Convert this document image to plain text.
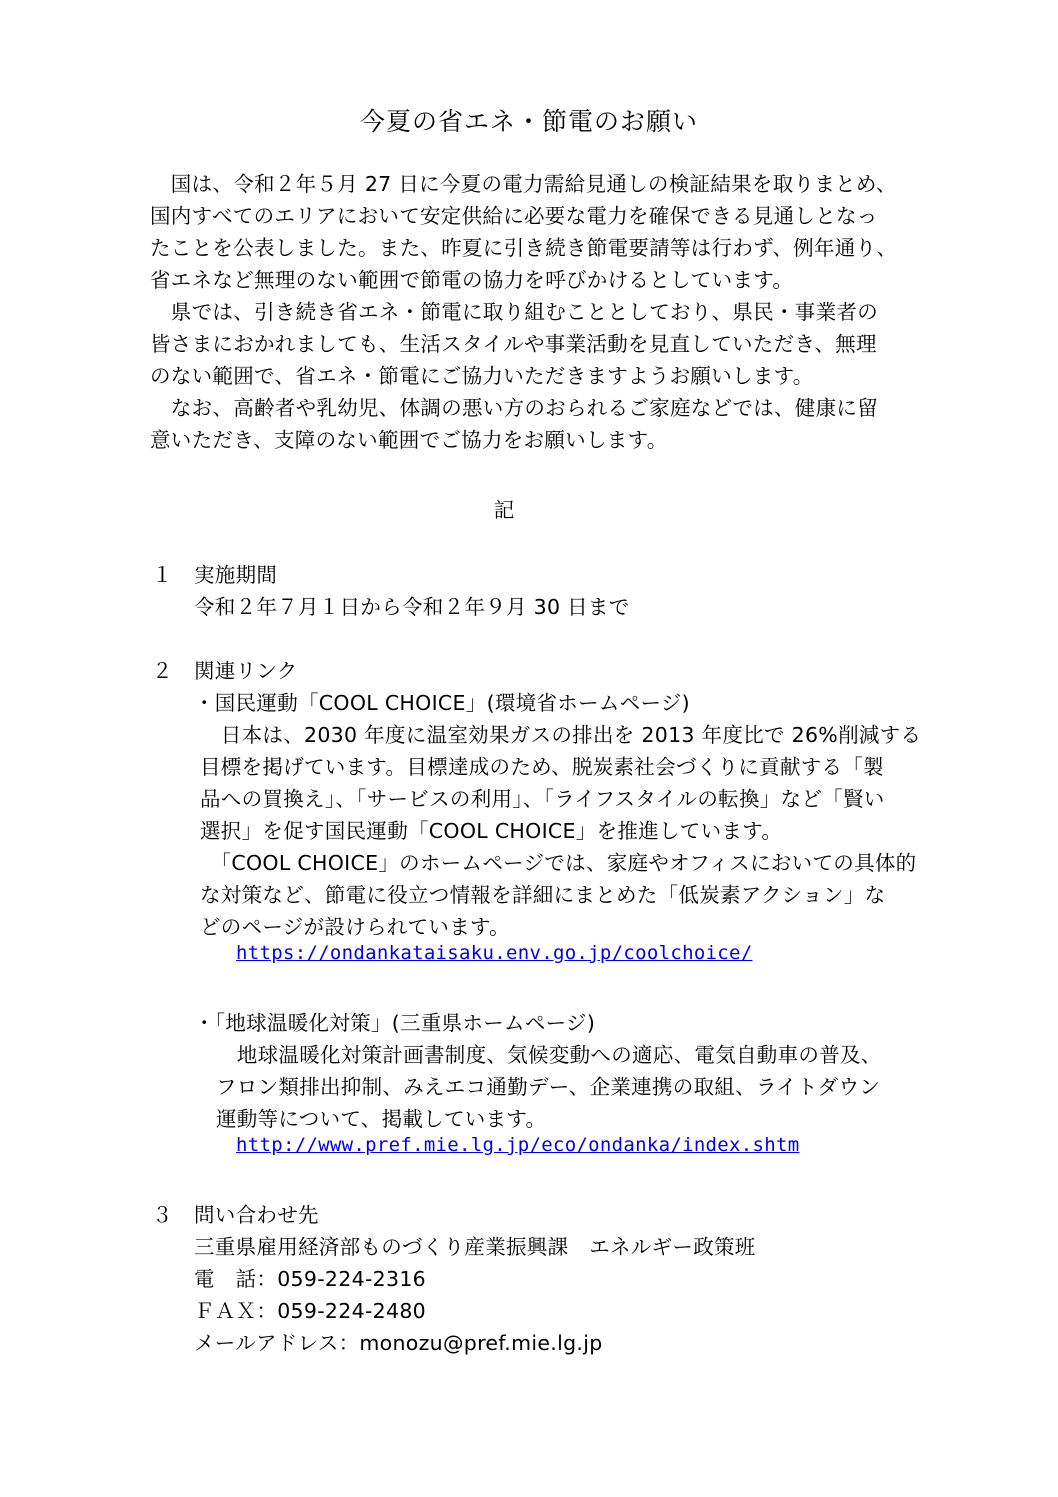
今夏の省エネ・節電のお願い
　国は、令和２年５月 27 日に今夏の電力需給見通しの検証結果を取りまとめ、
国内すべてのエリアにおいて安定供給に必要な電力を確保できる見通しとなっ
たことを公表しました。また、昨夏に引き続き節電要請等は行わず、例年通り、
省エネなど無理のない範囲で節電の協力を呼びかけるとしています。
　県では、引き続き省エネ・節電に取り組むこととしており、県民・事業者の
皆さまにおかれましても、生活スタイルや事業活動を見直していただき、無理
のない範囲で、省エネ・節電にご協力いただきますようお願いします。
　なお、高齢者や乳幼児、体調の悪い方のおられるご家庭などでは、健康に留
意いただき、支障のない範囲でご協力をお願いします。
記
１ 実施期間
令和２年７月１日から令和２年９月 30 日まで
２ 関連リンク
・国民運動「COOL CHOICE」(環境省ホームページ)
　日本は、2030 年度に温室効果ガスの排出を 2013 年度比で 26%削減する
目標を掲げています。目標達成のため、脱炭素社会づくりに貢献する「製
品への買換え」、「サービスの利用」、「ライフスタイルの転換」など「賢い
選択」を促す国民運動「COOL CHOICE」を推進しています。
　「COOL CHOICE」のホームページでは、家庭やオフィスにおいての具体的
な対策など、節電に役立つ情報を詳細にまとめた「低炭素アクション」な
どのページが設けられています。
https://ondankataisaku.env.go.jp/coolchoice/
・「地球温暖化対策」(三重県ホームページ)
　地球温暖化対策計画書制度、気候変動への適応、電気自動車の普及、
フロン類排出抑制、みえエコ通勤デー、企業連携の取組、ライトダウン
運動等について、掲載しています。
http://www.pref.mie.lg.jp/eco/ondanka/index.shtm
３ 問い合わせ先
三重県雇用経済部ものづくり産業振興課　エネルギー政策班
電　話：059-224-2316
ＦＡＸ：059-224-2480
メールアドレス：monozu@pref.mie.lg.jp
